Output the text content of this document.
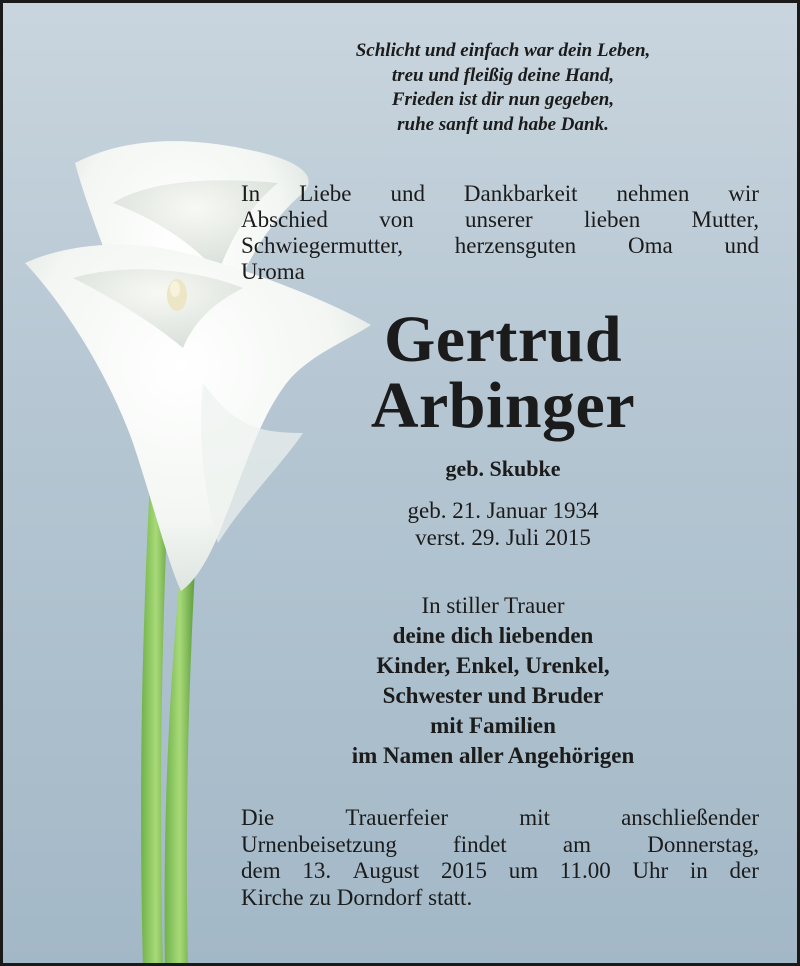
Schlicht und einfach war dein Leben,
treu und fleißig deine Hand,
Frieden ist dir nun gegeben,
ruhe sanft und habe Dank.
In Liebe und Dankbarkeit nehmen wir
Abschied von unserer lieben Mutter,
Schwiegermutter, herzensguten Oma und
Uroma
Gertrud
Arbinger
geb. Skubke
geb. 21. Januar 1934
verst. 29. Juli 2015
In stiller Trauer
deine dich liebenden
Kinder, Enkel, Urenkel,
Schwester und Bruder
mit Familien
im Namen aller Angehörigen
Die	Trauerfeier	mit	anschließender
Urnenbeisetzung findet am Donnerstag,
dem 13. August 2015 um 11.00 Uhr in der
Kirche zu Dorndorf statt.
